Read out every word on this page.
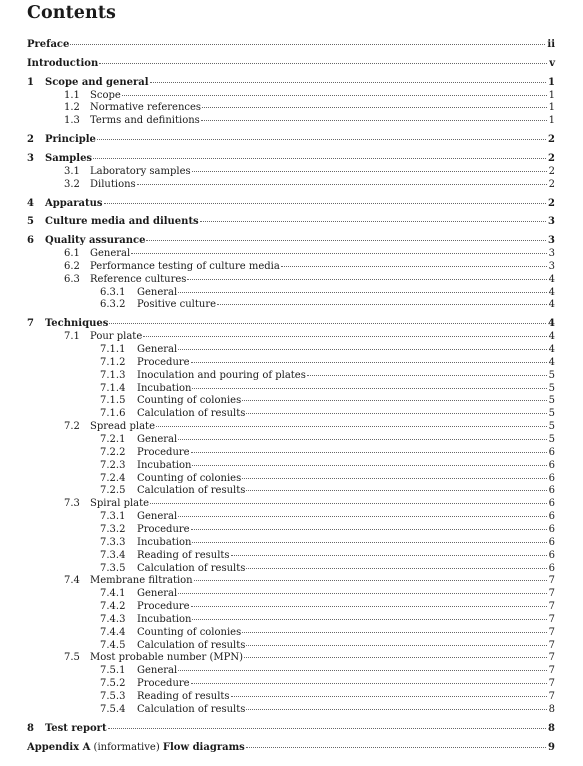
Contents
Preface	ii
Introduction	v
1	Scope and general	1
1.1	Scope	1
1.2	Normative references	1
1.3	Terms and definitions	1
2	Principle	2
3	Samples	2
3.1	Laboratory samples	2
3.2	Dilutions	2
4	Apparatus	2
5	Culture media and diluents	3
6	Quality assurance	3
6.1	General	3
6.2	Performance testing of culture media	3
6.3	Reference cultures	4
6.3.1	General	4
6.3.2	Positive culture	4
7	Techniques	4
7.1	Pour plate	4
7.1.1	General	4
7.1.2	Procedure	4
7.1.3	Inoculation and pouring of plates	5
7.1.4	Incubation	5
7.1.5	Counting of colonies	5
7.1.6	Calculation of results	5
7.2	Spread plate	5
7.2.1	General	5
7.2.2	Procedure	6
7.2.3	Incubation	6
7.2.4	Counting of colonies	6
7.2.5	Calculation of results	6
7.3	Spiral plate	6
7.3.1	General	6
7.3.2	Procedure	6
7.3.3	Incubation	6
7.3.4	Reading of results	6
7.3.5	Calculation of results	6
7.4	Membrane filtration	7
7.4.1	General	7
7.4.2	Procedure	7
7.4.3	Incubation	7
7.4.4	Counting of colonies	7
7.4.5	Calculation of results	7
7.5	Most probable number (MPN)	7
7.5.1	General	7
7.5.2	Procedure	7
7.5.3	Reading of results	7
7.5.4	Calculation of results	8
8	Test report	8
Appendix A (informative) Flow diagrams	9
